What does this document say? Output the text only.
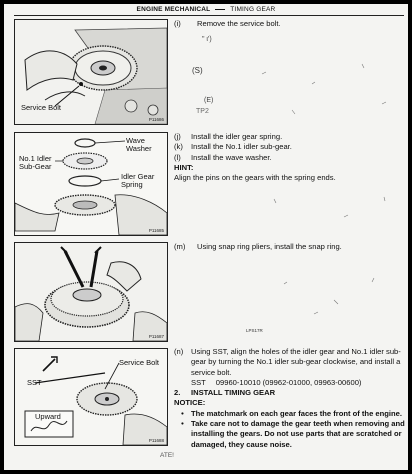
ENGINE MECHANICAL	TIMING GEAR
Service Bolt
P11686
Wave
Washer
No.1 Idler
Sub-Gear
Idler Gear
Spring
P11685
P11687
Service Bolt
SST
Upward
P11688
(i)	Remove the service bolt.
" ι')
(S)
(E)
TP2
(j)	Install the idler gear spring.
(k)	Install the No.1 idler sub-gear.
(l)	Install the wave washer.
HINT:
Align the pins on the gears with the spring ends.
(m)	Using snap ring pliers, install the snap ring.
LPS17R
(n)	Using SST, align the holes of the idler gear and No.1 idler sub-gear by turning the No.1 idler sub-gear clockwise, and install a service bolt.
SST 09960-10010 (09962-01000, 09963-00600)
2.	INSTALL TIMING GEAR
NOTICE:
• The matchmark on each gear faces the front of the engine.
• Take care not to damage the gear teeth when removing and installing the gears. Do not use parts that are scratched or damaged, they cause noise.
ATE!
